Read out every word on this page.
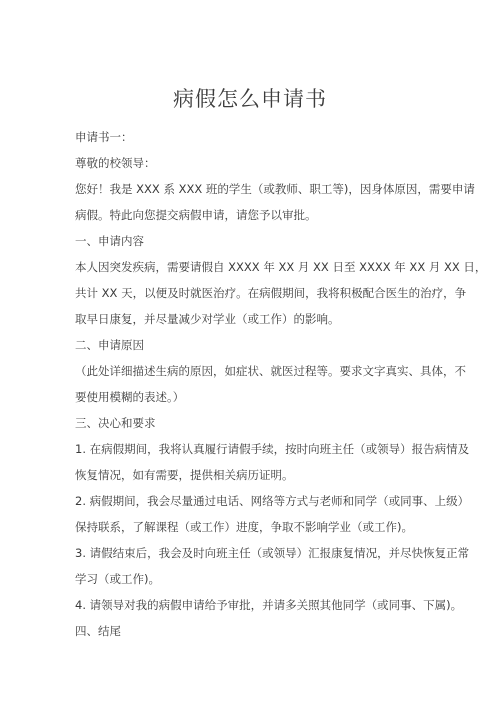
病假怎么申请书
申请书一：
尊敬的校领导：
您好！我是 XXX 系 XXX 班的学生（或教师、职工等)，因身体原因，需要申请
病假。特此向您提交病假申请，请您予以审批。
一、申请内容
本人因突发疾病，需要请假自 XXXX 年 XX 月 XX 日至 XXXX 年 XX 月 XX 日，
共计 XX 天，以便及时就医治疗。在病假期间，我将积极配合医生的治疗，争
取早日康复，并尽量减少对学业（或工作）的影响。
二、申请原因
（此处详细描述生病的原因，如症状、就医过程等。要求文字真实、具体，不
要使用模糊的表述。）
三、决心和要求
1. 在病假期间，我将认真履行请假手续，按时向班主任（或领导）报告病情及
恢复情况，如有需要，提供相关病历证明。
2. 病假期间，我会尽量通过电话、网络等方式与老师和同学（或同事、上级）
保持联系，了解课程（或工作）进度，争取不影响学业（或工作)。
3. 请假结束后，我会及时向班主任（或领导）汇报康复情况，并尽快恢复正常
学习（或工作)。
4. 请领导对我的病假申请给予审批，并请多关照其他同学（或同事、下属)。
四、结尾
